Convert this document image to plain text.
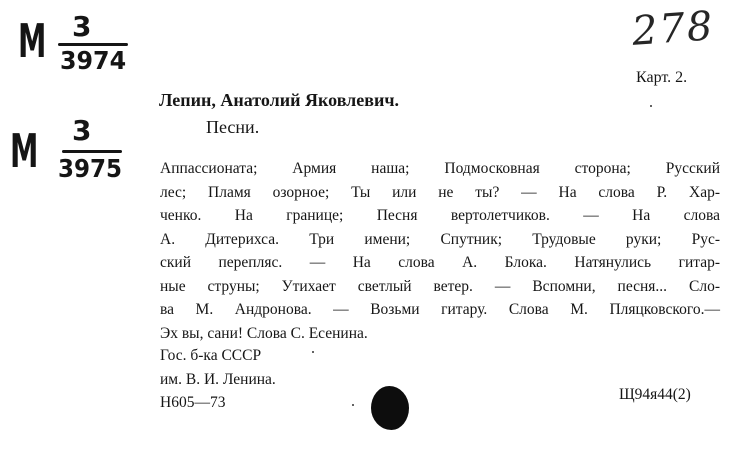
M 3
3974
M 3
3975
278
Карт. 2.
Лепин, Анатолий Яковлевич.
Песни.
Аппассионата; Армия наша; Подмосковная сторона; Русский
лес; Пламя озорное; Ты или не ты? — На слова Р. Хар-
ченко. На границе; Песня вертолетчиков. — На слова
А. Дитерихса. Три имени; Спутник; Трудовые руки; Рус-
ский перепляс. — На слова А. Блока. Натянулись гитар-
ные струны; Утихает светлый ветер. — Вспомни, песня... Сло-
ва М. Андронова. — Возьми гитару. Слова М. Пляцковского.—
Эх вы, сани! Слова С. Есенина.
Гос. б-ка СССР
им. В. И. Ленина.
Н605—73	Щ94я44(2)
